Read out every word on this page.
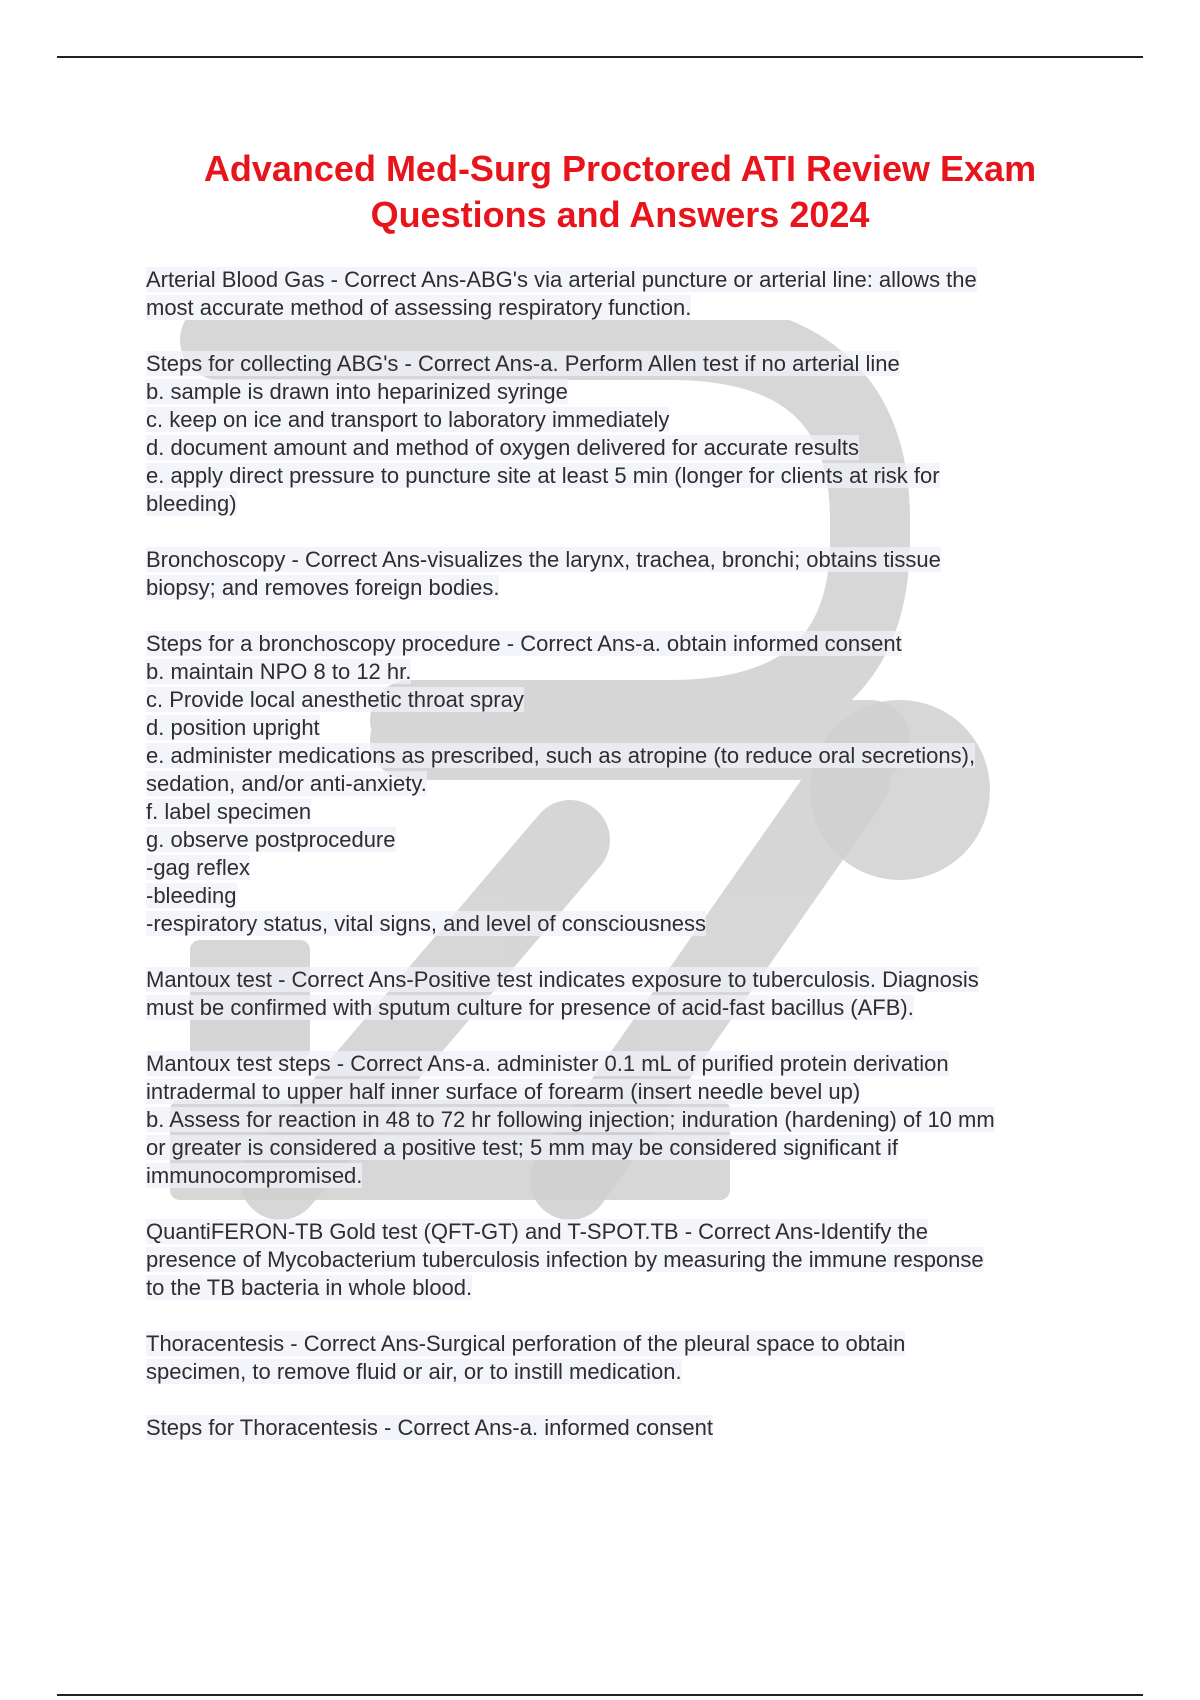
Advanced Med-Surg Proctored ATI Review Exam
Questions and Answers 2024
Arterial Blood Gas - Correct Ans-ABG's via arterial puncture or arterial line: allows the
most accurate method of assessing respiratory function.
Steps for collecting ABG's - Correct Ans-a. Perform Allen test if no arterial line
b. sample is drawn into heparinized syringe
c. keep on ice and transport to laboratory immediately
d. document amount and method of oxygen delivered for accurate results
e. apply direct pressure to puncture site at least 5 min (longer for clients at risk for
bleeding)
Bronchoscopy - Correct Ans-visualizes the larynx, trachea, bronchi; obtains tissue
biopsy; and removes foreign bodies.
Steps for a bronchoscopy procedure - Correct Ans-a. obtain informed consent
b. maintain NPO 8 to 12 hr.
c. Provide local anesthetic throat spray
d. position upright
e. administer medications as prescribed, such as atropine (to reduce oral secretions),
sedation, and/or anti-anxiety.
f. label specimen
g. observe postprocedure
-gag reflex
-bleeding
-respiratory status, vital signs, and level of consciousness
Mantoux test - Correct Ans-Positive test indicates exposure to tuberculosis. Diagnosis
must be confirmed with sputum culture for presence of acid-fast bacillus (AFB).
Mantoux test steps - Correct Ans-a. administer 0.1 mL of purified protein derivation
intradermal to upper half inner surface of forearm (insert needle bevel up)
b. Assess for reaction in 48 to 72 hr following injection; induration (hardening) of 10 mm
or greater is considered a positive test; 5 mm may be considered significant if
immunocompromised.
QuantiFERON-TB Gold test (QFT-GT) and T-SPOT.TB - Correct Ans-Identify the
presence of Mycobacterium tuberculosis infection by measuring the immune response
to the TB bacteria in whole blood.
Thoracentesis - Correct Ans-Surgical perforation of the pleural space to obtain
specimen, to remove fluid or air, or to instill medication.
Steps for Thoracentesis - Correct Ans-a. informed consent
